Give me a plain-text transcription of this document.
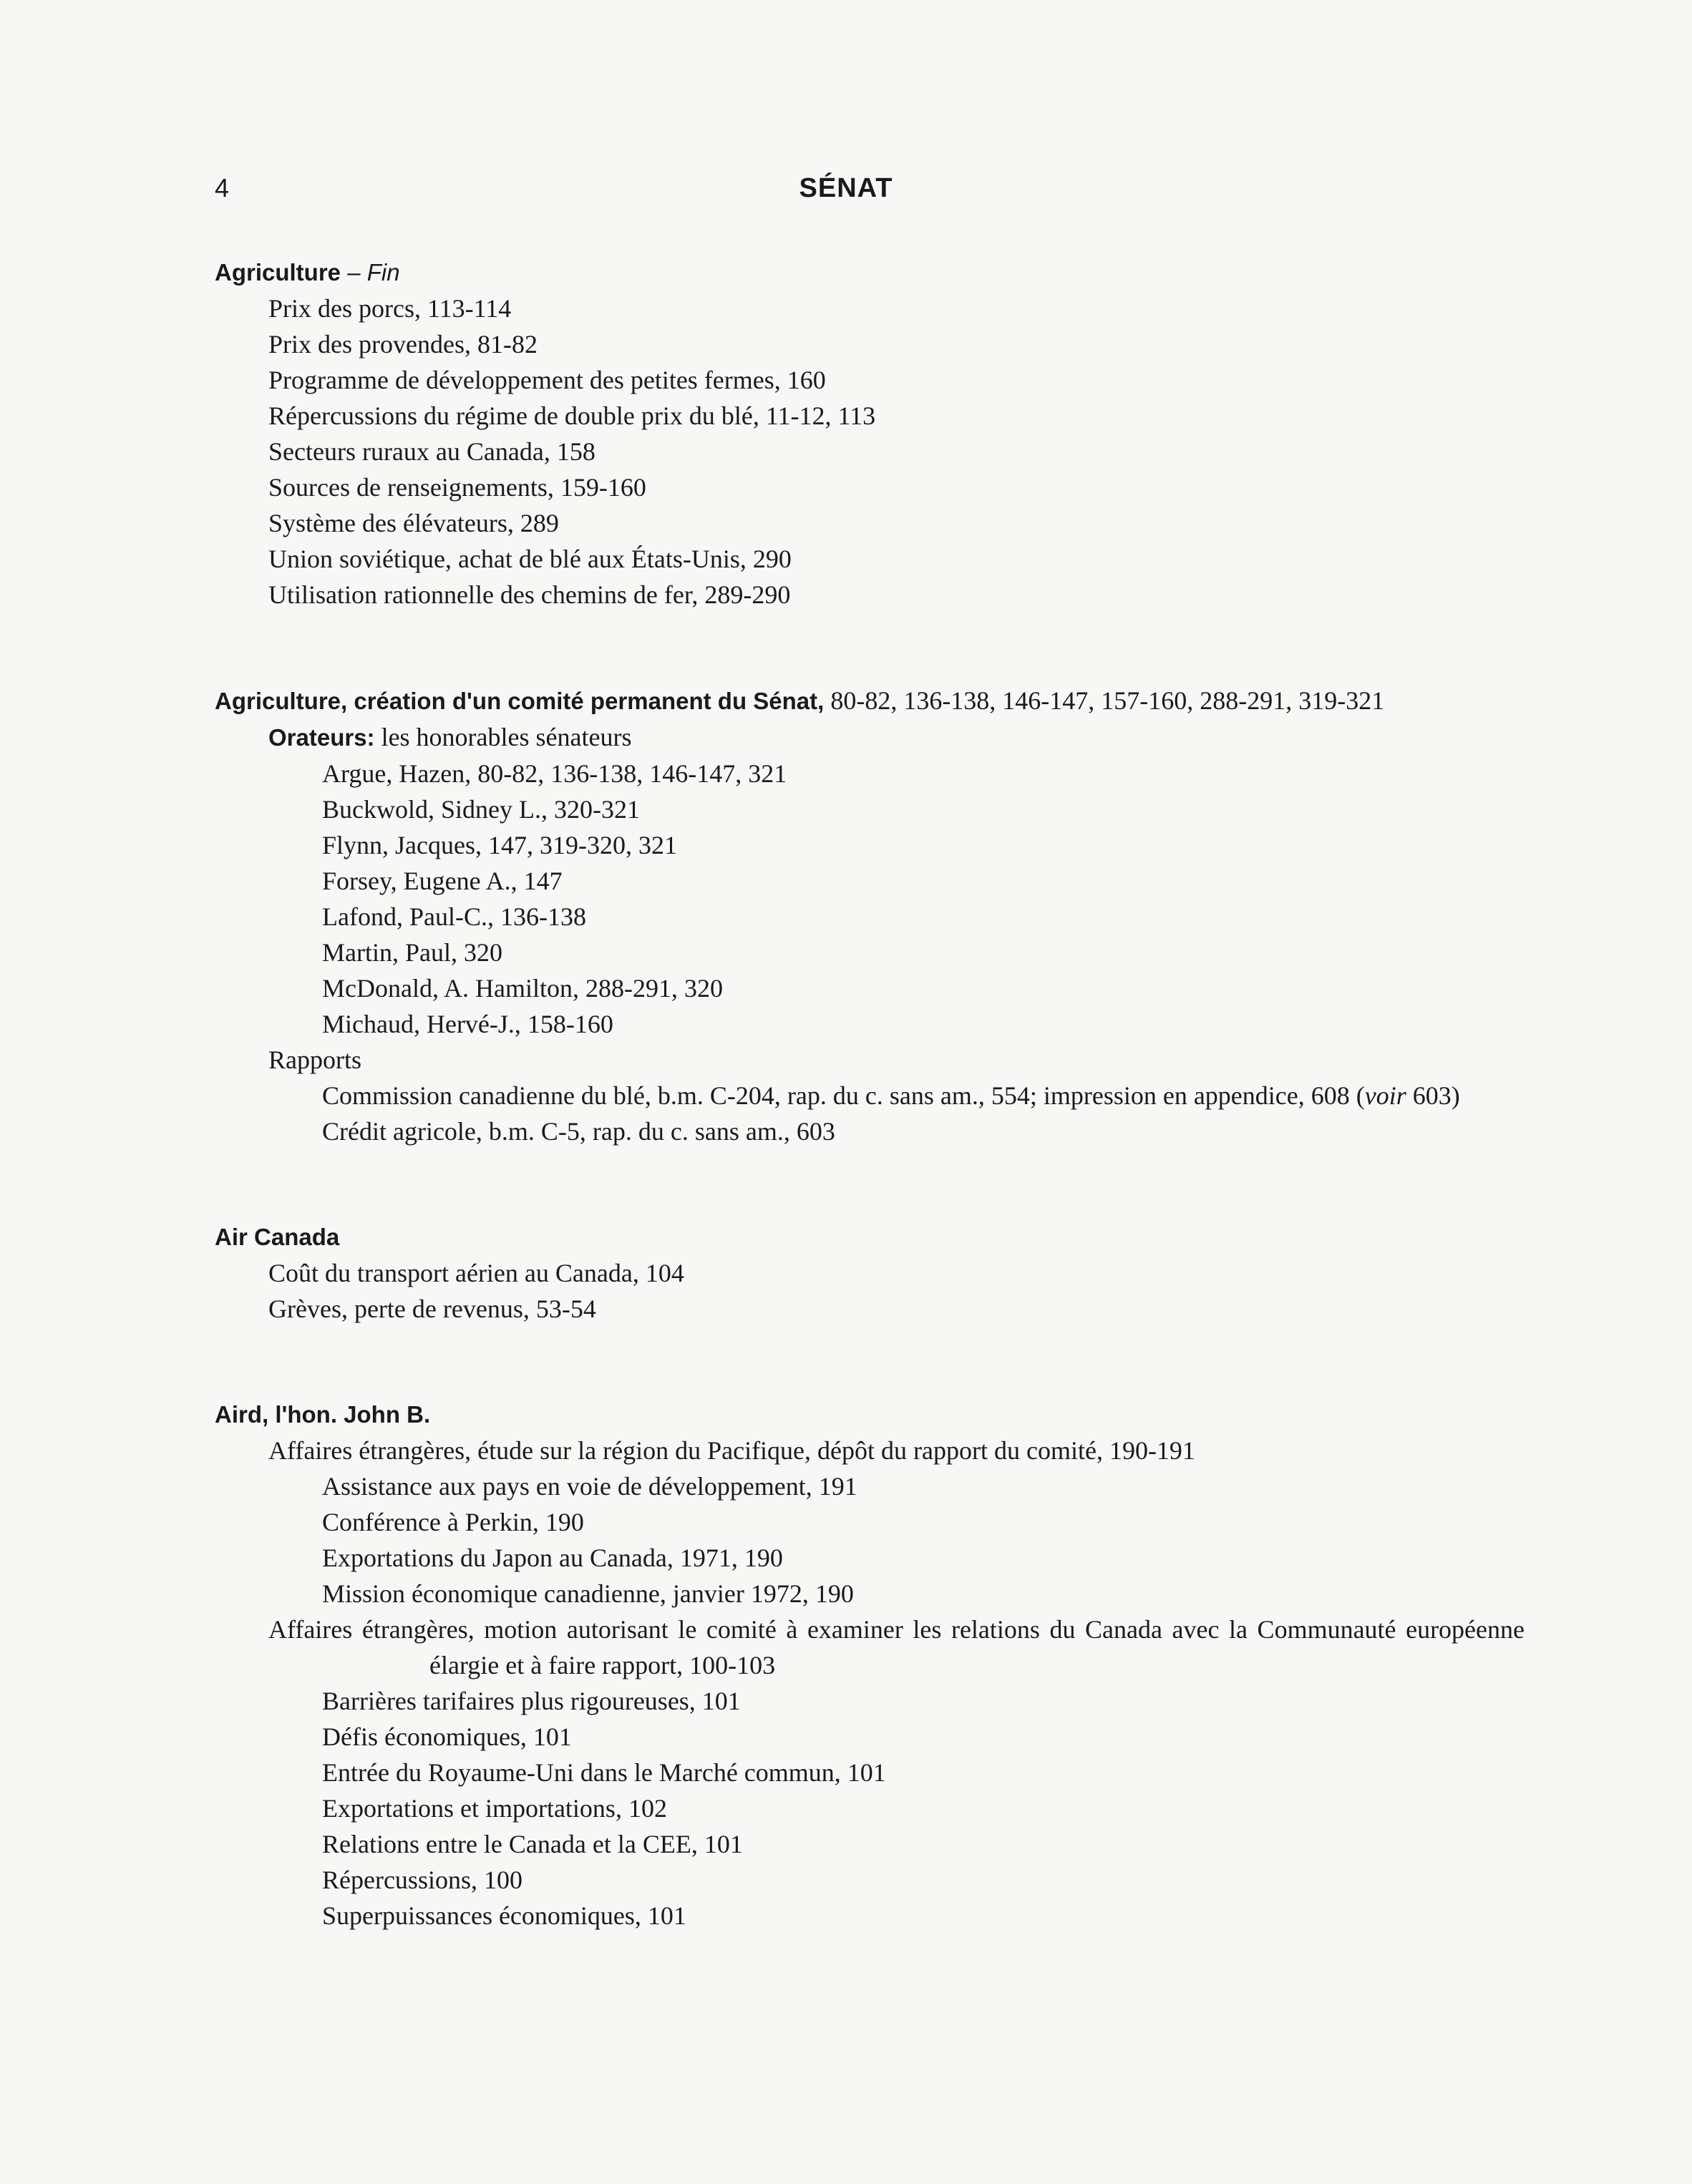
4	SÉNAT
Agriculture – Fin
Prix des porcs, 113-114
Prix des provendes, 81-82
Programme de développement des petites fermes, 160
Répercussions du régime de double prix du blé, 11-12, 113
Secteurs ruraux au Canada, 158
Sources de renseignements, 159-160
Système des élévateurs, 289
Union soviétique, achat de blé aux États-Unis, 290
Utilisation rationnelle des chemins de fer, 289-290
Agriculture, création d'un comité permanent du Sénat, 80-82, 136-138, 146-147, 157-160, 288-291, 319-321
Orateurs: les honorables sénateurs
Argue, Hazen, 80-82, 136-138, 146-147, 321
Buckwold, Sidney L., 320-321
Flynn, Jacques, 147, 319-320, 321
Forsey, Eugene A., 147
Lafond, Paul-C., 136-138
Martin, Paul, 320
McDonald, A. Hamilton, 288-291, 320
Michaud, Hervé-J., 158-160
Rapports
Commission canadienne du blé, b.m. C-204, rap. du c. sans am., 554; impression en appendice, 608 (voir 603)
Crédit agricole, b.m. C-5, rap. du c. sans am., 603
Air Canada
Coût du transport aérien au Canada, 104
Grèves, perte de revenus, 53-54
Aird, l'hon. John B.
Affaires étrangères, étude sur la région du Pacifique, dépôt du rapport du comité, 190-191
Assistance aux pays en voie de développement, 191
Conférence à Perkin, 190
Exportations du Japon au Canada, 1971, 190
Mission économique canadienne, janvier 1972, 190
Affaires étrangères, motion autorisant le comité à examiner les relations du Canada avec la Communauté européenne élargie et à faire rapport, 100-103
Barrières tarifaires plus rigoureuses, 101
Défis économiques, 101
Entrée du Royaume-Uni dans le Marché commun, 101
Exportations et importations, 102
Relations entre le Canada et la CEE, 101
Répercussions, 100
Superpuissances économiques, 101
